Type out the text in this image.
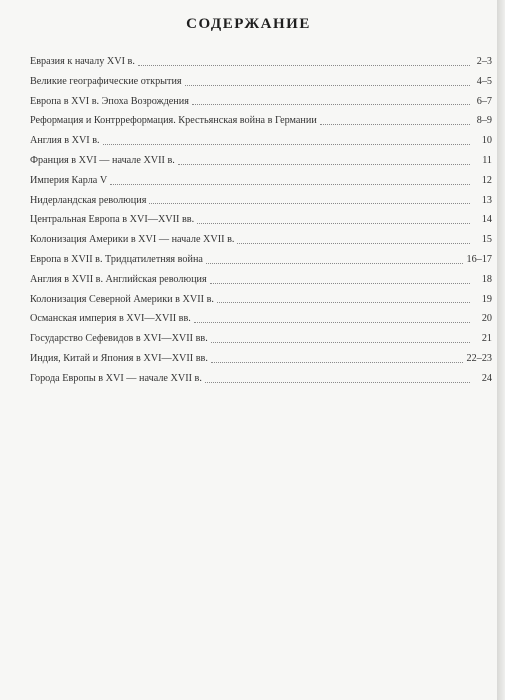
СОДЕРЖАНИЕ
Евразия к началу XVI в.	2–3
Великие географические открытия	4–5
Европа в XVI в. Эпоха Возрождения	6–7
Реформация и Контрреформация. Крестьянская война в Германии	8–9
Англия в XVI в.	10
Франция в XVI — начале XVII в.	11
Империя Карла V	12
Нидерландская революция	13
Центральная Европа в XVI—XVII вв.	14
Колонизация Америки в XVI — начале XVII в.	15
Европа в XVII в. Тридцатилетняя война	16–17
Англия в XVII в. Английская революция	18
Колонизация Северной Америки в XVII в.	19
Османская империя в XVI—XVII вв.	20
Государство Сефевидов в XVI—XVII вв.	21
Индия, Китай и Япония в XVI—XVII вв.	22–23
Города Европы в XVI — начале XVII в.	24
